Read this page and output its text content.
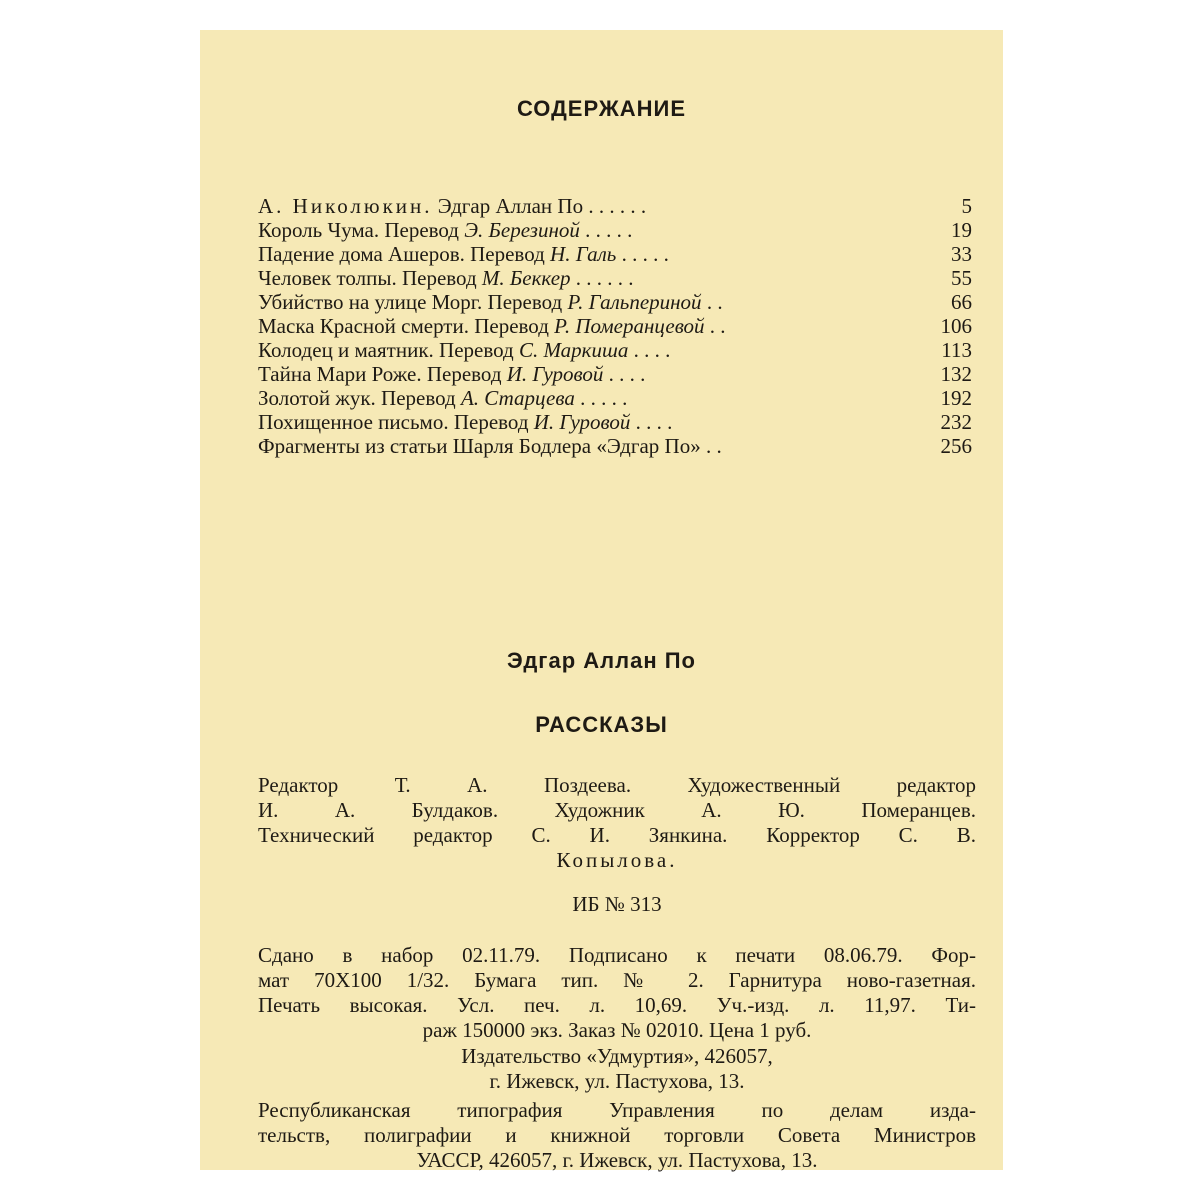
СОДЕРЖАНИЕ
А. Николюкин. Эдгар Аллан По . . . . . .	5
Король Чума. Перевод Э. Березиной . . . . .	19
Падение дома Ашеров. Перевод Н. Галь . . . . .	33
Человек толпы. Перевод М. Беккер . . . . . .	55
Убийство на улице Морг. Перевод Р. Гальпериной . .	66
Маска Красной смерти. Перевод Р. Померанцевой . .	106
Колодец и маятник. Перевод С. Маркиша . . . .	113
Тайна Мари Роже. Перевод И. Гуровой . . . .	132
Золотой жук. Перевод А. Старцева . . . . .	192
Похищенное письмо. Перевод И. Гуровой . . . .	232
Фрагменты из статьи Шарля Бодлера «Эдгар По» . .	256
Эдгар Аллан По
РАССКАЗЫ
Редактор Т. А. Поздеева. Художественный редактор
И. А. Булдаков. Художник А. Ю. Померанцев.
Технический редактор С. И. Зянкина. Корректор С. В.
Копылова.
ИБ № 313
Сдано в набор 02.11.79. Подписано к печати 08.06.79. Фор-
мат 70X100 1/32. Бумага тип. № 2. Гарнитура ново-газетная.
Печать высокая. Усл. печ. л. 10,69. Уч.-изд. л. 11,97. Ти-
раж 150000 экз. Заказ № 02010. Цена 1 руб.
Издательство «Удмуртия», 426057,
г. Ижевск, ул. Пастухова, 13.
Республиканская типография Управления по делам изда-
тельств, полиграфии и книжной торговли Совета Министров
УАССР, 426057, г. Ижевск, ул. Пастухова, 13.
